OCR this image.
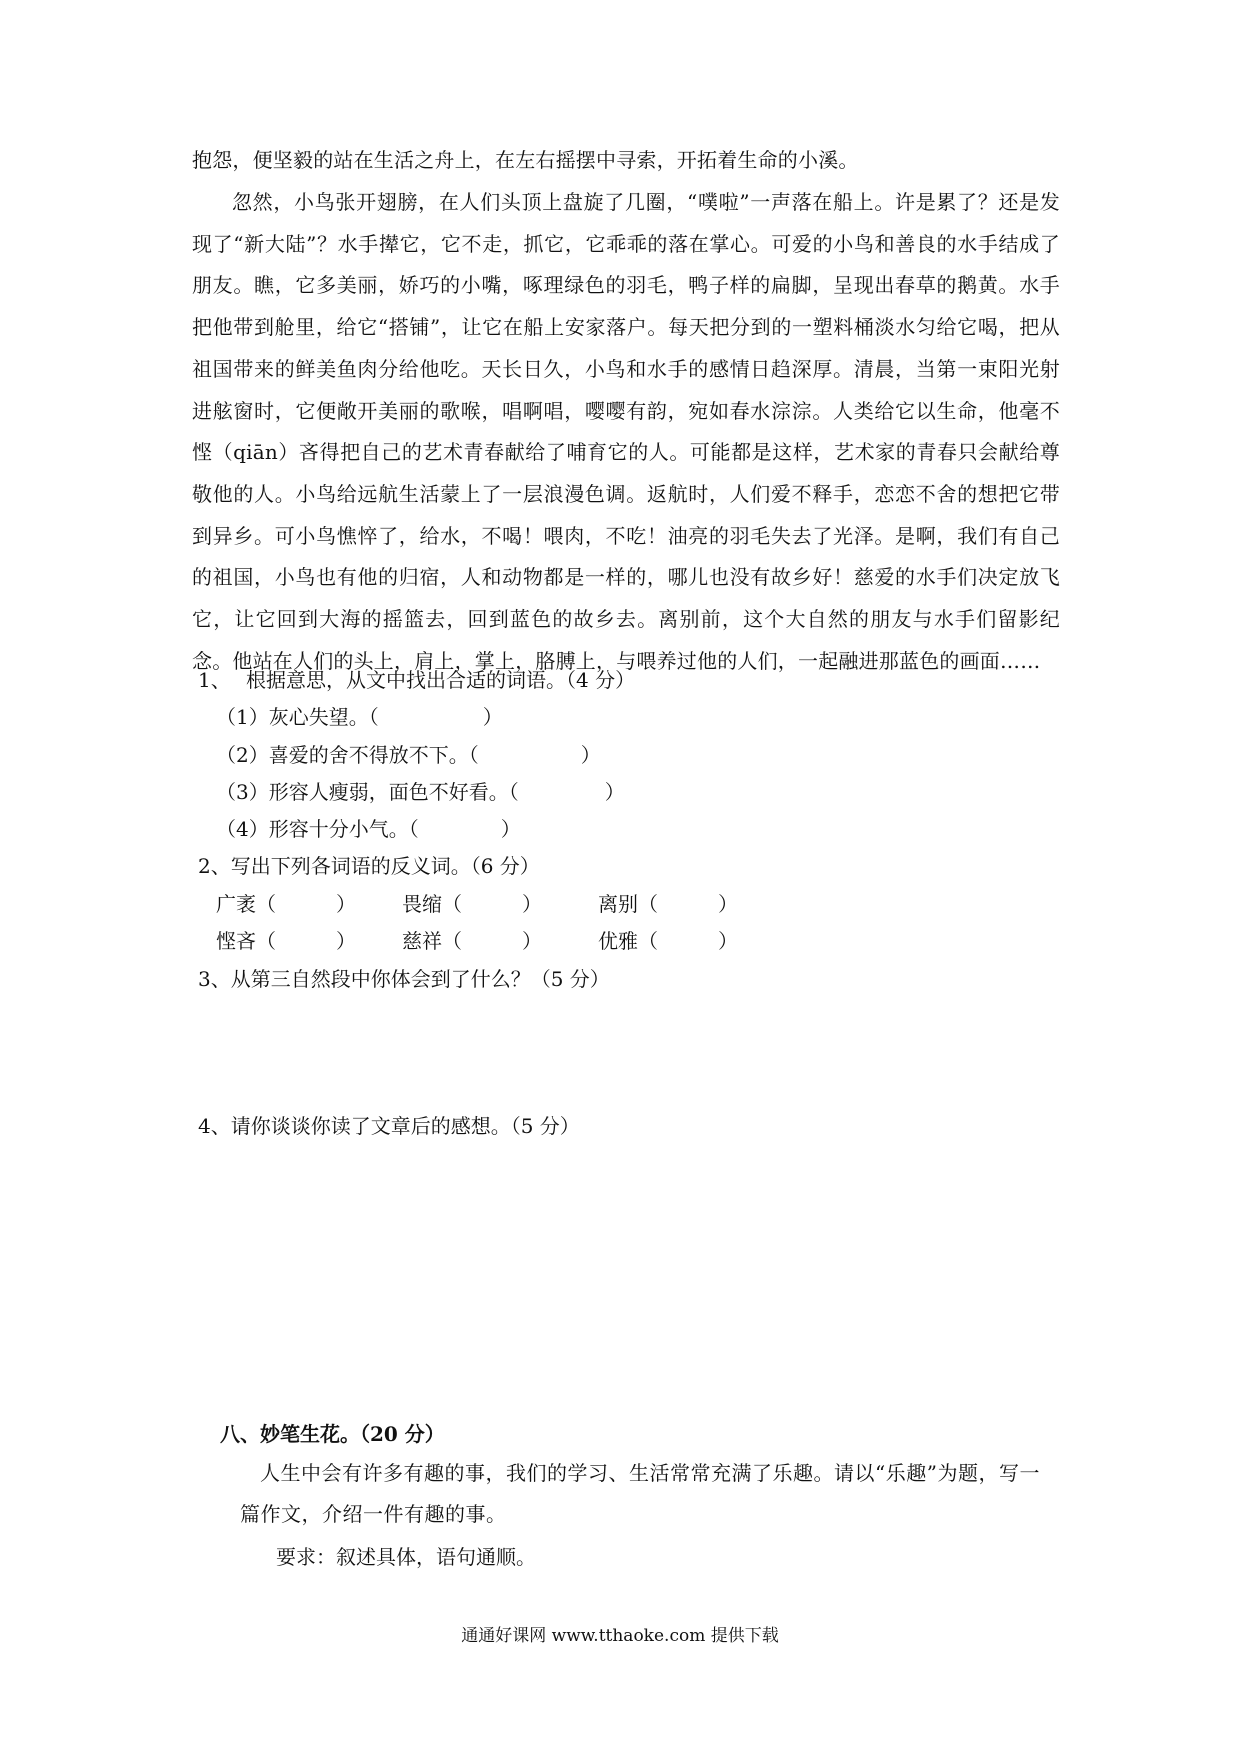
抱怨，便坚毅的站在生活之舟上，在左右摇摆中寻索，开拓着生命的小溪。

忽然，小鸟张开翅膀，在人们头顶上盘旋了几圈，“噗啦”一声落在船上。许是累了？还是发现了“新大陆”？水手撵它，它不走，抓它，它乖乖的落在掌心。可爱的小鸟和善良的水手结成了朋友。瞧，它多美丽，娇巧的小嘴，啄理绿色的羽毛，鸭子样的扁脚，呈现出春草的鹅黄。水手把他带到舱里，给它“搭铺”，让它在船上安家落户。每天把分到的一塑料桶淡水匀给它喝，把从祖国带来的鲜美鱼肉分给他吃。天长日久，小鸟和水手的感情日趋深厚。清晨，当第一束阳光射进舷窗时，它便敞开美丽的歌喉，唱啊唱，嘤嘤有韵，宛如春水淙淙。人类给它以生命，他毫不悭（qiān）吝得把自己的艺术青春献给了哺育它的人。可能都是这样，艺术家的青春只会献给尊敬他的人。小鸟给远航生活蒙上了一层浪漫色调。返航时，人们爱不释手，恋恋不舍的想把它带到异乡。可小鸟憔悴了，给水，不喝！喂肉，不吃！油亮的羽毛失去了光泽。是啊，我们有自己的祖国，小鸟也有他的归宿，人和动物都是一样的，哪儿也没有故乡好！慈爱的水手们决定放飞它，让它回到大海的摇篮去，回到蓝色的故乡去。离别前，这个大自然的朋友与水手们留影纪念。他站在人们的头上，肩上，掌上，胳膊上，与喂养过他的人们，一起融进那蓝色的画面……

1、 根据意思，从文中找出合适的词语。（4 分）
（1）灰心失望。（	）
（2）喜爱的舍不得放不下。（	）
（3）形容人瘦弱，面色不好看。（	）
（4）形容十分小气。（	）
2、写出下列各词语的反义词。（6 分）
广袤（	） 畏缩（	）	离别（	）
悭吝（	） 慈祥（	）	优雅（	）
3、从第三自然段中你体会到了什么？（5 分）
4、请你谈谈你读了文章后的感想。（5 分）
八、妙笔生花。（20 分）

人生中会有许多有趣的事，我们的学习、生活常常充满了乐趣。请以“乐趣”为题，写一篇作文，介绍一件有趣的事。

要求：叙述具体，语句通顺。
通通好课网 www.tthaoke.com 提供下载
